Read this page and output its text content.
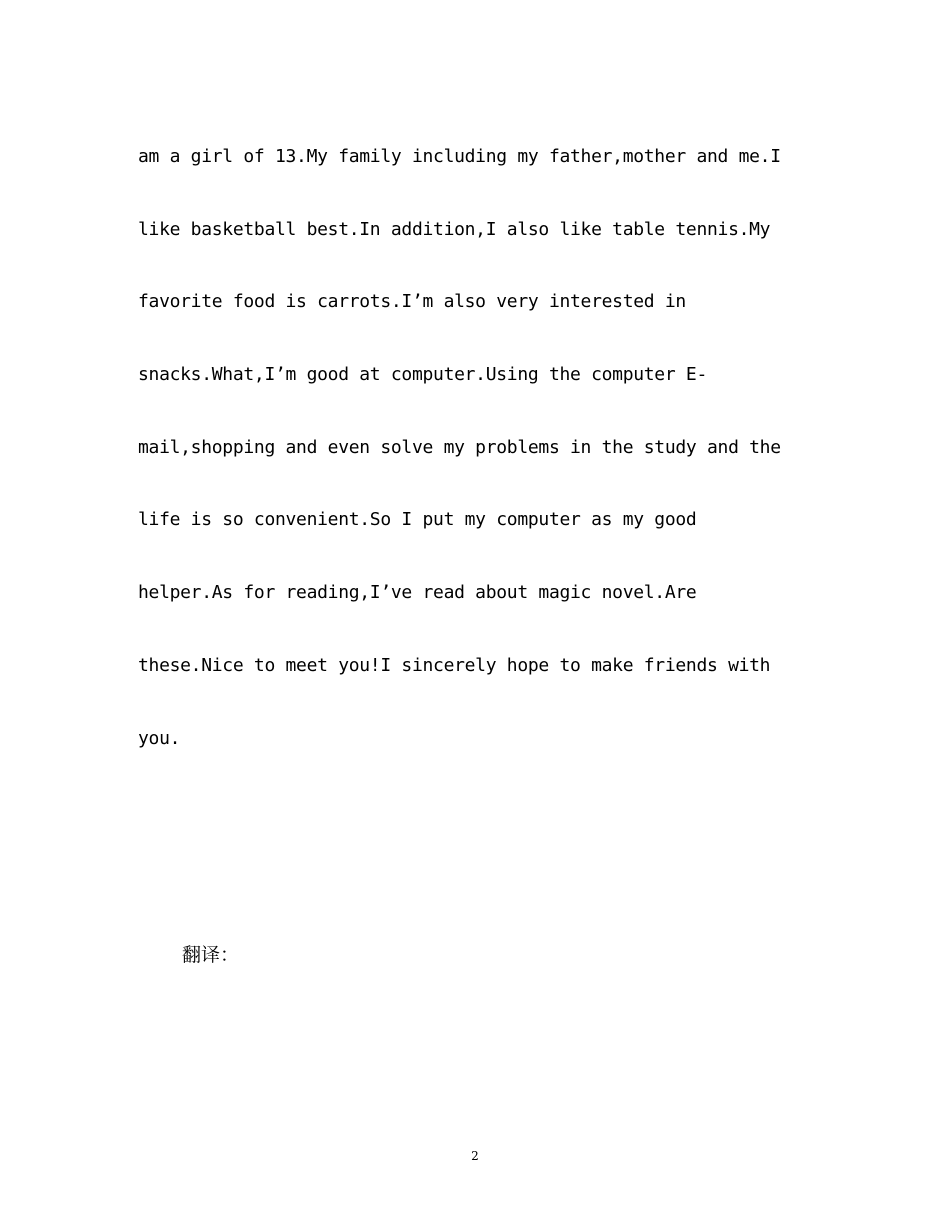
am a girl of 13.My family including my father,mother and me.I
like basketball best.In addition,I also like table tennis.My
favorite food is carrots.I’m also very interested in
snacks.What,I’m good at computer.Using the computer E-
mail,shopping and even solve my problems in the study and the
life is so convenient.So I put my computer as my good
helper.As for reading,I’ve read about magic novel.Are
these.Nice to meet you!I sincerely hope to make friends with
you.

翻译：

2
